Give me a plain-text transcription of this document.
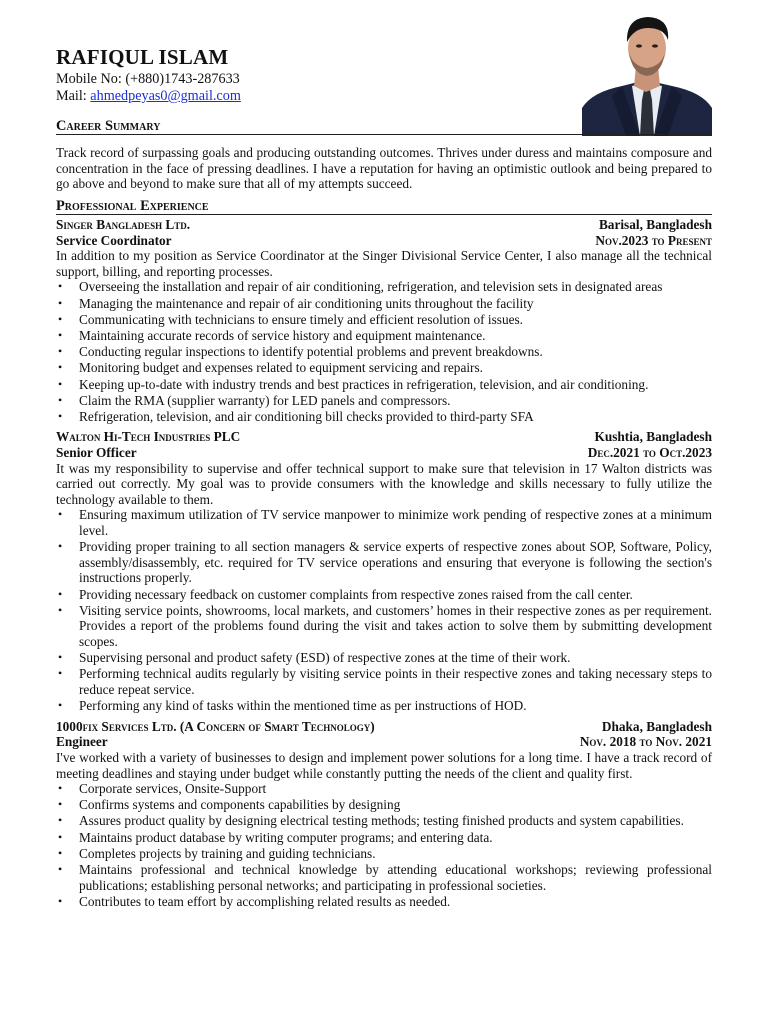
RAFIQUL ISLAM
Mobile No: (+880)1743-287633
Mail: ahmedpeyas0@gmail.com
Career Summary
Track record of surpassing goals and producing outstanding outcomes. Thrives under duress and maintains composure and concentration in the face of pressing deadlines. I have a reputation for having an optimistic outlook and being prepared to go above and beyond to make sure that all of my attempts succeed.
Professional Experience
Singer Bangladesh Ltd.	Barisal, Bangladesh
Service Coordinator	Nov.2023 to Present
In addition to my position as Service Coordinator at the Singer Divisional Service Center, I also manage all the technical support, billing, and reporting processes.
• Overseeing the installation and repair of air conditioning, refrigeration, and television sets in designated areas
• Managing the maintenance and repair of air conditioning units throughout the facility
• Communicating with technicians to ensure timely and efficient resolution of issues.
• Maintaining accurate records of service history and equipment maintenance.
• Conducting regular inspections to identify potential problems and prevent breakdowns.
• Monitoring budget and expenses related to equipment servicing and repairs.
• Keeping up-to-date with industry trends and best practices in refrigeration, television, and air conditioning.
• Claim the RMA (supplier warranty) for LED panels and compressors.
• Refrigeration, television, and air conditioning bill checks provided to third-party SFA
Walton Hi-Tech Industries PLC	Kushtia, Bangladesh
Senior Officer	Dec.2021 to Oct.2023
It was my responsibility to supervise and offer technical support to make sure that television in 17 Walton districts was carried out correctly. My goal was to provide consumers with the knowledge and skills necessary to fully utilize the technology available to them.
• Ensuring maximum utilization of TV service manpower to minimize work pending of respective zones at a minimum level.
• Providing proper training to all section managers & service experts of respective zones about SOP, Software, Policy, assembly/disassembly, etc. required for TV service operations and ensuring that everyone is following the section's instructions properly.
• Providing necessary feedback on customer complaints from respective zones raised from the call center.
• Visiting service points, showrooms, local markets, and customers’ homes in their respective zones as per requirement. Provides a report of the problems found during the visit and takes action to solve them by submitting development scopes.
• Supervising personal and product safety (ESD) of respective zones at the time of their work.
• Performing technical audits regularly by visiting service points in their respective zones and taking necessary steps to reduce repeat service.
• Performing any kind of tasks within the mentioned time as per instructions of HOD.
1000fix Services Ltd. (A Concern of Smart Technology)	Dhaka, Bangladesh
Engineer	Nov. 2018 to Nov. 2021
I've worked with a variety of businesses to design and implement power solutions for a long time. I have a track record of meeting deadlines and staying under budget while constantly putting the needs of the client and quality first.
• Corporate services, Onsite-Support
• Confirms systems and components capabilities by designing
• Assures product quality by designing electrical testing methods; testing finished products and system capabilities.
• Maintains product database by writing computer programs; and entering data.
• Completes projects by training and guiding technicians.
• Maintains professional and technical knowledge by attending educational workshops; reviewing professional publications; establishing personal networks; and participating in professional societies.
• Contributes to team effort by accomplishing related results as needed.
